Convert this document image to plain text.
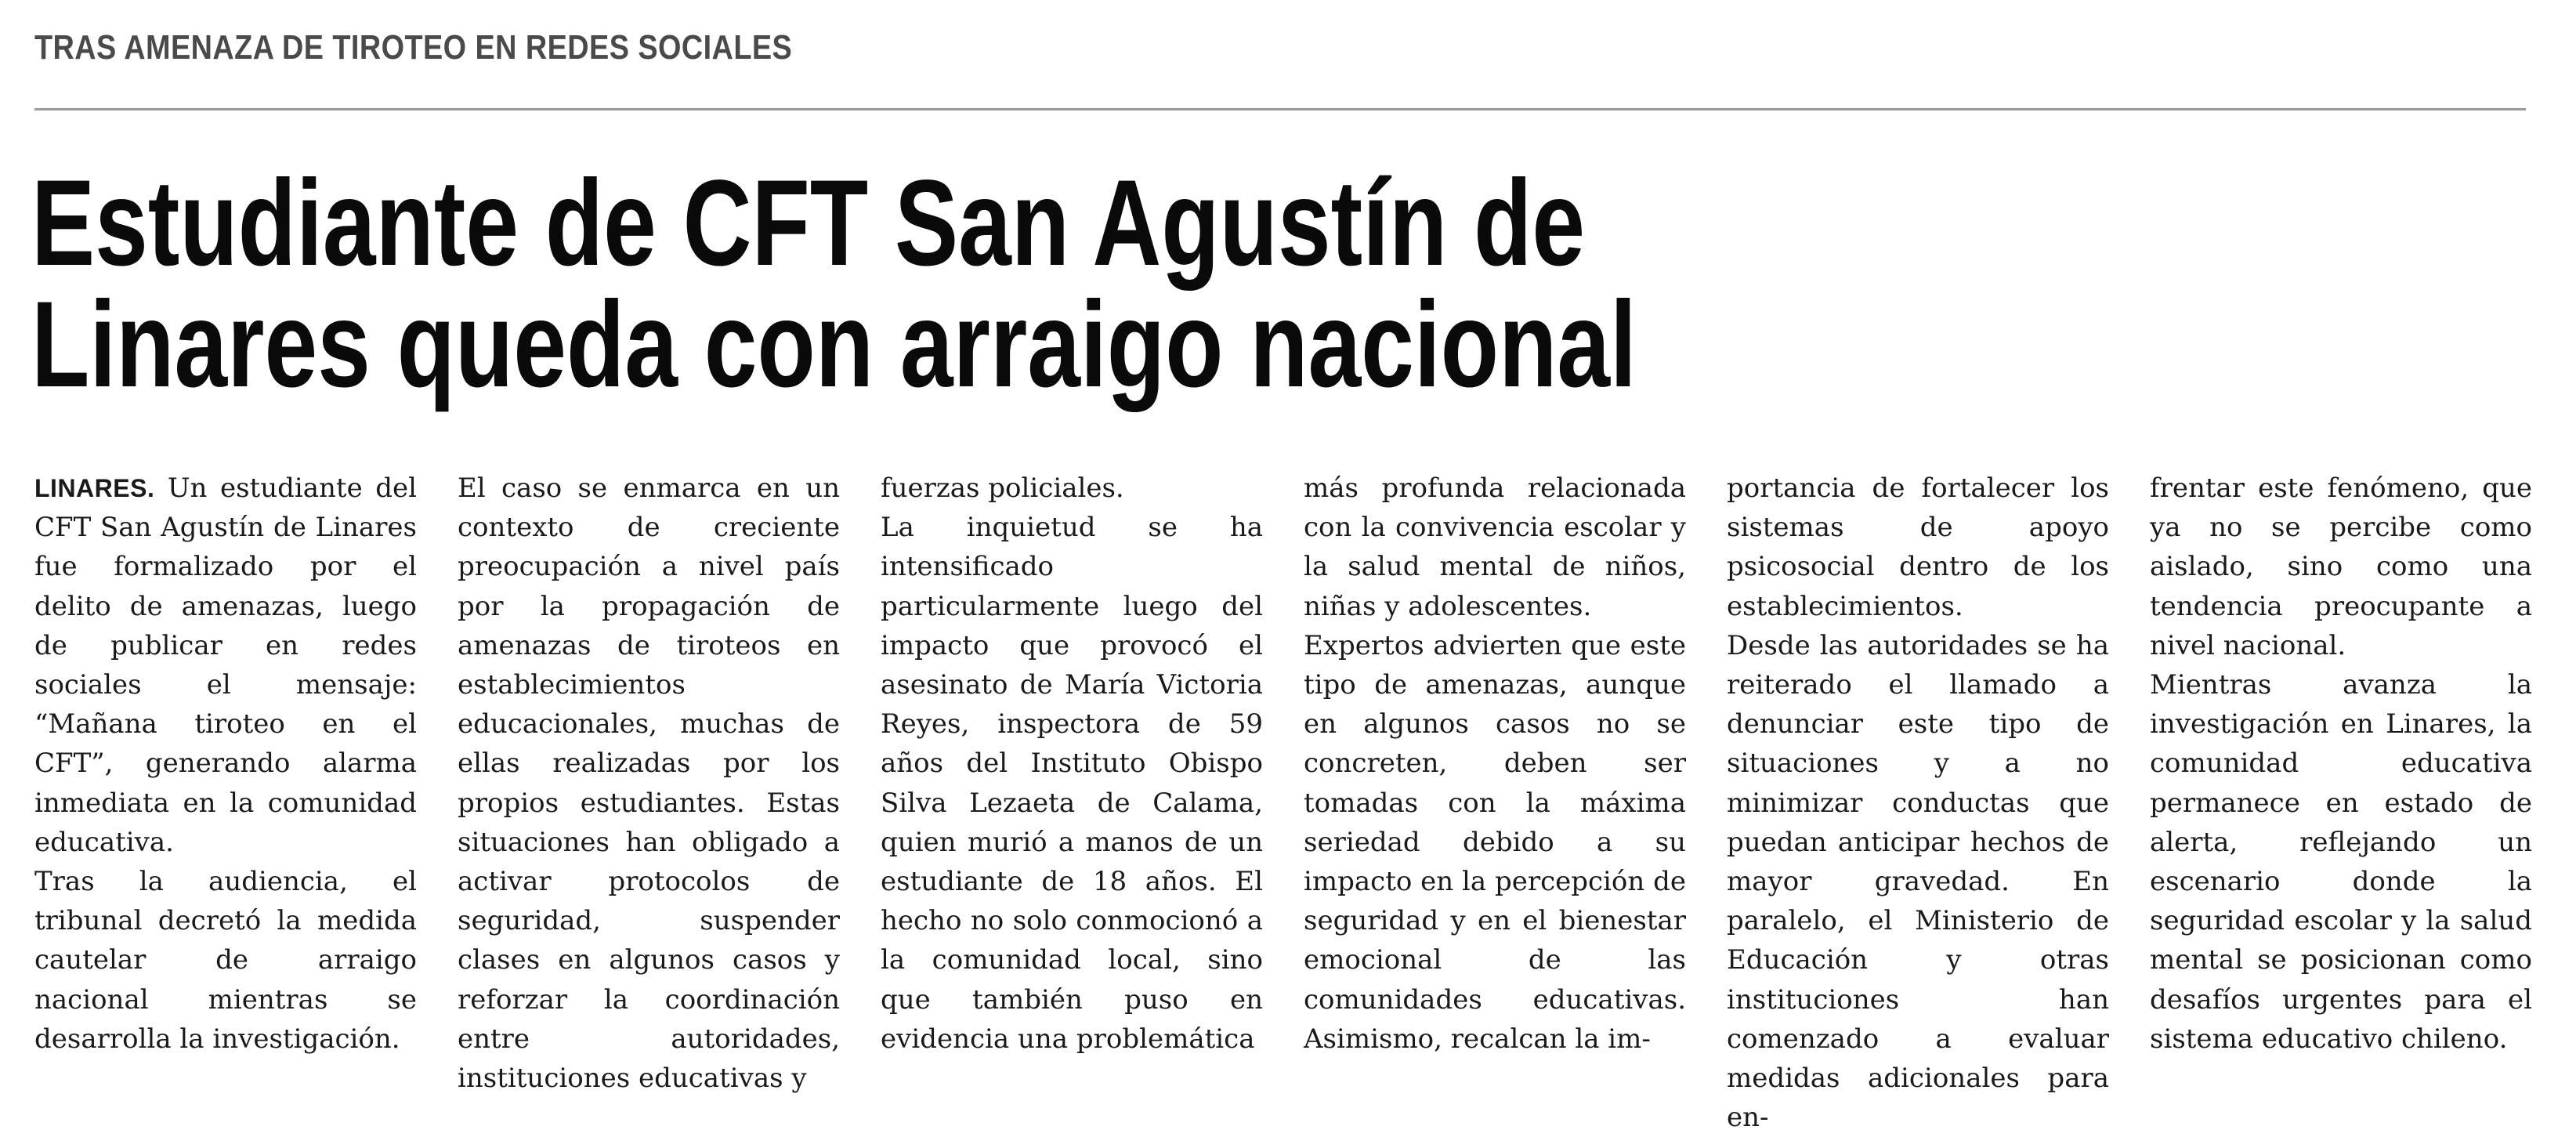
TRAS AMENAZA DE TIROTEO EN REDES SOCIALES
Estudiante de CFT San Agustín de
Linares queda con arraigo nacional

LINARES. Un estudiante del CFT San Agustín de Linares fue formalizado por el delito de amenazas, luego de publicar en redes sociales el mensaje: “Mañana tiroteo en el CFT”, generando alarma inmediata en la comunidad educativa.

Tras la audiencia, el tribunal decretó la medida cautelar de arraigo nacional mientras se desarrolla la investigación.

El caso se enmarca en un contexto de creciente preocupación a nivel país por la propagación de amenazas de tiroteos en establecimientos educacionales, muchas de ellas realizadas por los propios estudiantes. Estas situaciones han obligado a activar protocolos de seguridad, suspender clases en algunos casos y reforzar la coordinación entre autoridades, instituciones educativas y

fuerzas policiales.

La inquietud se ha intensificado particularmente luego del impacto que provocó el asesinato de María Victoria Reyes, inspectora de 59 años del Instituto Obispo Silva Lezaeta de Calama, quien murió a manos de un estudiante de 18 años. El hecho no solo conmocionó a la comunidad local, sino que también puso en evidencia una problemática

más profunda relacionada con la convivencia escolar y la salud mental de niños, niñas y adolescentes.

Expertos advierten que este tipo de amenazas, aunque en algunos casos no se concreten, deben ser tomadas con la máxima seriedad debido a su impacto en la percepción de seguridad y en el bienestar emocional de las comunidades educativas. Asimismo, recalcan la im-

portancia de fortalecer los sistemas de apoyo psicosocial dentro de los establecimientos.

Desde las autoridades se ha reiterado el llamado a denunciar este tipo de situaciones y a no minimizar conductas que puedan anticipar hechos de mayor gravedad. En paralelo, el Ministerio de Educación y otras instituciones han comenzado a evaluar medidas adicionales para en-

frentar este fenómeno, que ya no se percibe como aislado, sino como una tendencia preocupante a nivel nacional.

Mientras avanza la investigación en Linares, la comunidad educativa permanece en estado de alerta, reflejando un escenario donde la seguridad escolar y la salud mental se posicionan como desafíos urgentes para el sistema educativo chileno.
